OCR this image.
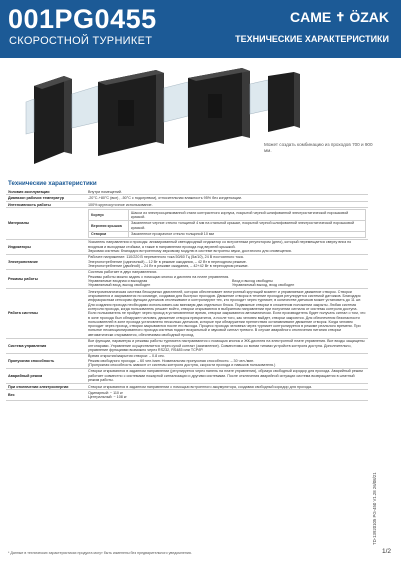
001PG0455
СКОРОСТНОЙ ТУРНИКЕТ
CAME ✝ ÖZAK
ТЕХНИЧЕСКИЕ ХАРАКТЕРИСТИКИ
Может создать комбинацию из проходов 700 и 900 мм.
Технические характеристики
Условия эксплуатации	Внутри помещений.
Диапазон рабочих температур	-20°C-+80°C (вкл) , -50°C с подогревом), относительная влажность 95% без конденсации.
Интенсивность работы	100% круглосуточное использование.
Материалы	
Корпус	Шасси из электрооцинкованной стали контрастного корпуса, покрытой черной шлифованной электростатической порошковой краской.
Верхняя крышка	Закаленное черное стекло толщиной 4 мм на стальной крышке, покрытой черной шлифованной электростатической порошковой краской.
Створки	Закаленное прозрачное стекло толщиной 10 мм

Индикаторы	
Указатель направления и проходы: анимированный светодиодный индикатор со встроенным регулятором (днео), который перемещается сверху вниз по входным и выходным стойкам, а также в направлении прохода под верхней крышкой.
Звуковая система: благодаря встроенному звуковому модулю в системе встроены звуки, достаточно для оповещения.

Электропитание	
Рабочее напряжение: 110/220 В переменного тока 50/60 Гц (5а/10), 24 В постоянного тока.
Энергопотребление (одиночный) – 12 Вт в режиме ожидания, – 42 Вт в переходном режиме.
Энергопотребление (двойной) – 24 Вт в режиме ожидания, – 42+42 Вт в переходном режиме.

Режимы работы	
Система работает в двух направлениях.
Режимы работы можно задать с помощью кнопок и дисплея на плате управления.
Управляемые входная и выходная	Вход и выход свободны
Управляемый вход, выход свободен	Управляемый выход, вход свободен

Работа системы	Электромеханическая система бесшумных двигателей, которая обеспечивает электронный крутящий момент и управляемое движение створок. Створки открываются и закрываются по команде, создавая для быстрых проходов. Движение створок в течение проходов регулируется системой датчиков. Благодаря инфракрасным сенсорам функции датчиков отслеживают и контролируют тех, кто проходит через турникет, в количестве датчиков может установить до 11 шт. Для создания прохода необходимо использовать как минимум два отдельных блока. Подвижные створки в сложенном положении закрыты. Любая система контроля прохода, когда пользователь решает войти, створки открываются в выбранном направлении при получении сигнала от системы контроля доступа. Если пользователь не пройдет через проход в установленное время, створки закрываются автоматически. Если производитель будет получать сигнал о том, что в зоне прохода был обнаружен человек, движение створок прекратится, а после того, как человек выйдет, створки закроются. Для обеспечения безопасности пользователей в зоне прохода установлено несколько датчиков, которые при обнаружении препятствия останавливают движение створок. Когда человек проходит через проход, створки закрываются после его выхода. Процесс прохода человека через турникет контролируется в режиме реального времени. При попытке несанкционированного прохода система подаст визуальный и звуковой сигнал тревоги. В случае аварийного отключения питания створки автоматически открываются, обеспечивая свободный проход.
Система управления	Все функции, параметры и режимы работы турникета настраиваются с помощью кнопок и ЖК-дисплея на электронной плате управления. Все входы защищены оптопарами. Управление осуществляется через сухой контакт (заземление). Совместимы со всеми типами устройств контроля доступа. Дополнительно, управление функциями возможно через RS232, RS485 или TCP/IP.
Пропускная способность	
Время открытия/закрытия створки: – 0.8 сек.
Режим свободного прохода: – 60 чел./мин. Номинальная пропускная способность: – 30 чел./мин.
(Пропускная способность зависит от системы контроля доступа, скорости прохода и навыков пользователя.)

Аварийный режим	Створки открываются в заданном направлении (регулируется через панель на плате управления), образуя свободный коридор для прохода. Аварийный режим работает совместно с системами пожарной сигнализации и другими системами. После отключения аварийной ситуации система возвращается в штатный режим работы.
При отключении электроэнергии	Створки открываются в заданном направлении с помощью встроенного аккумулятора, создавая свободный коридор для прохода.
Вес	
Одинарный: ~ 110 кг
Центральный: ~ 108 кг
TD-13920105 PG-450 V1.28 26/08/21
* Данные в технических характеристиках продукта могут быть изменены без предварительного уведомления.	1/2
